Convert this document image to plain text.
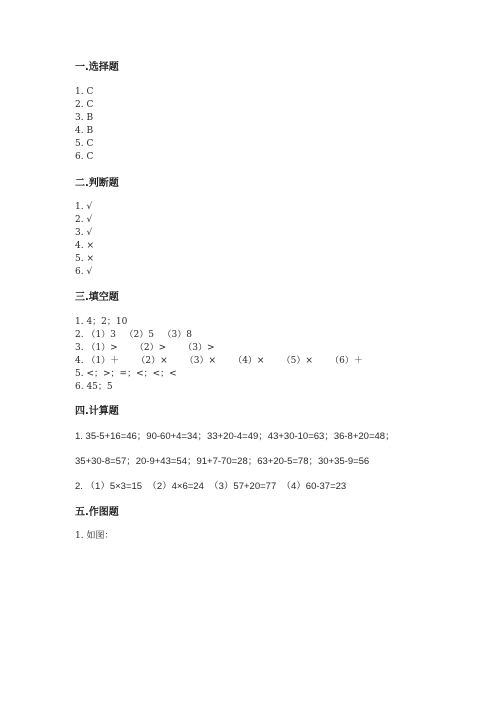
一.选择题
1. C
2. C
3. B
4. B
5. C
6. C
二.判断题
1. √
2. √
3. √
4. ×
5. ×
6. √
三.填空题
1. 4；2；10
2. （1）3   （2）5   （3）8
3. （1）>      （2）>      （3）>
4. （1）＋      （2）×      （3）×      （4）×      （5）×      （6）＋
5. <；>；=；<；<；<
6. 45；5
四.计算题
1. 35-5+16=46；90-60+4=34；33+20-4=49；43+30-10=63；36-8+20=48；
35+30-8=57；20-9+43=54；91+7-70=28；63+20-5=78；30+35-9=56
2. （1）5×3=15  （2）4×6=24  （3）57+20=77  （4）60-37=23
五.作图题
1. 如图：
